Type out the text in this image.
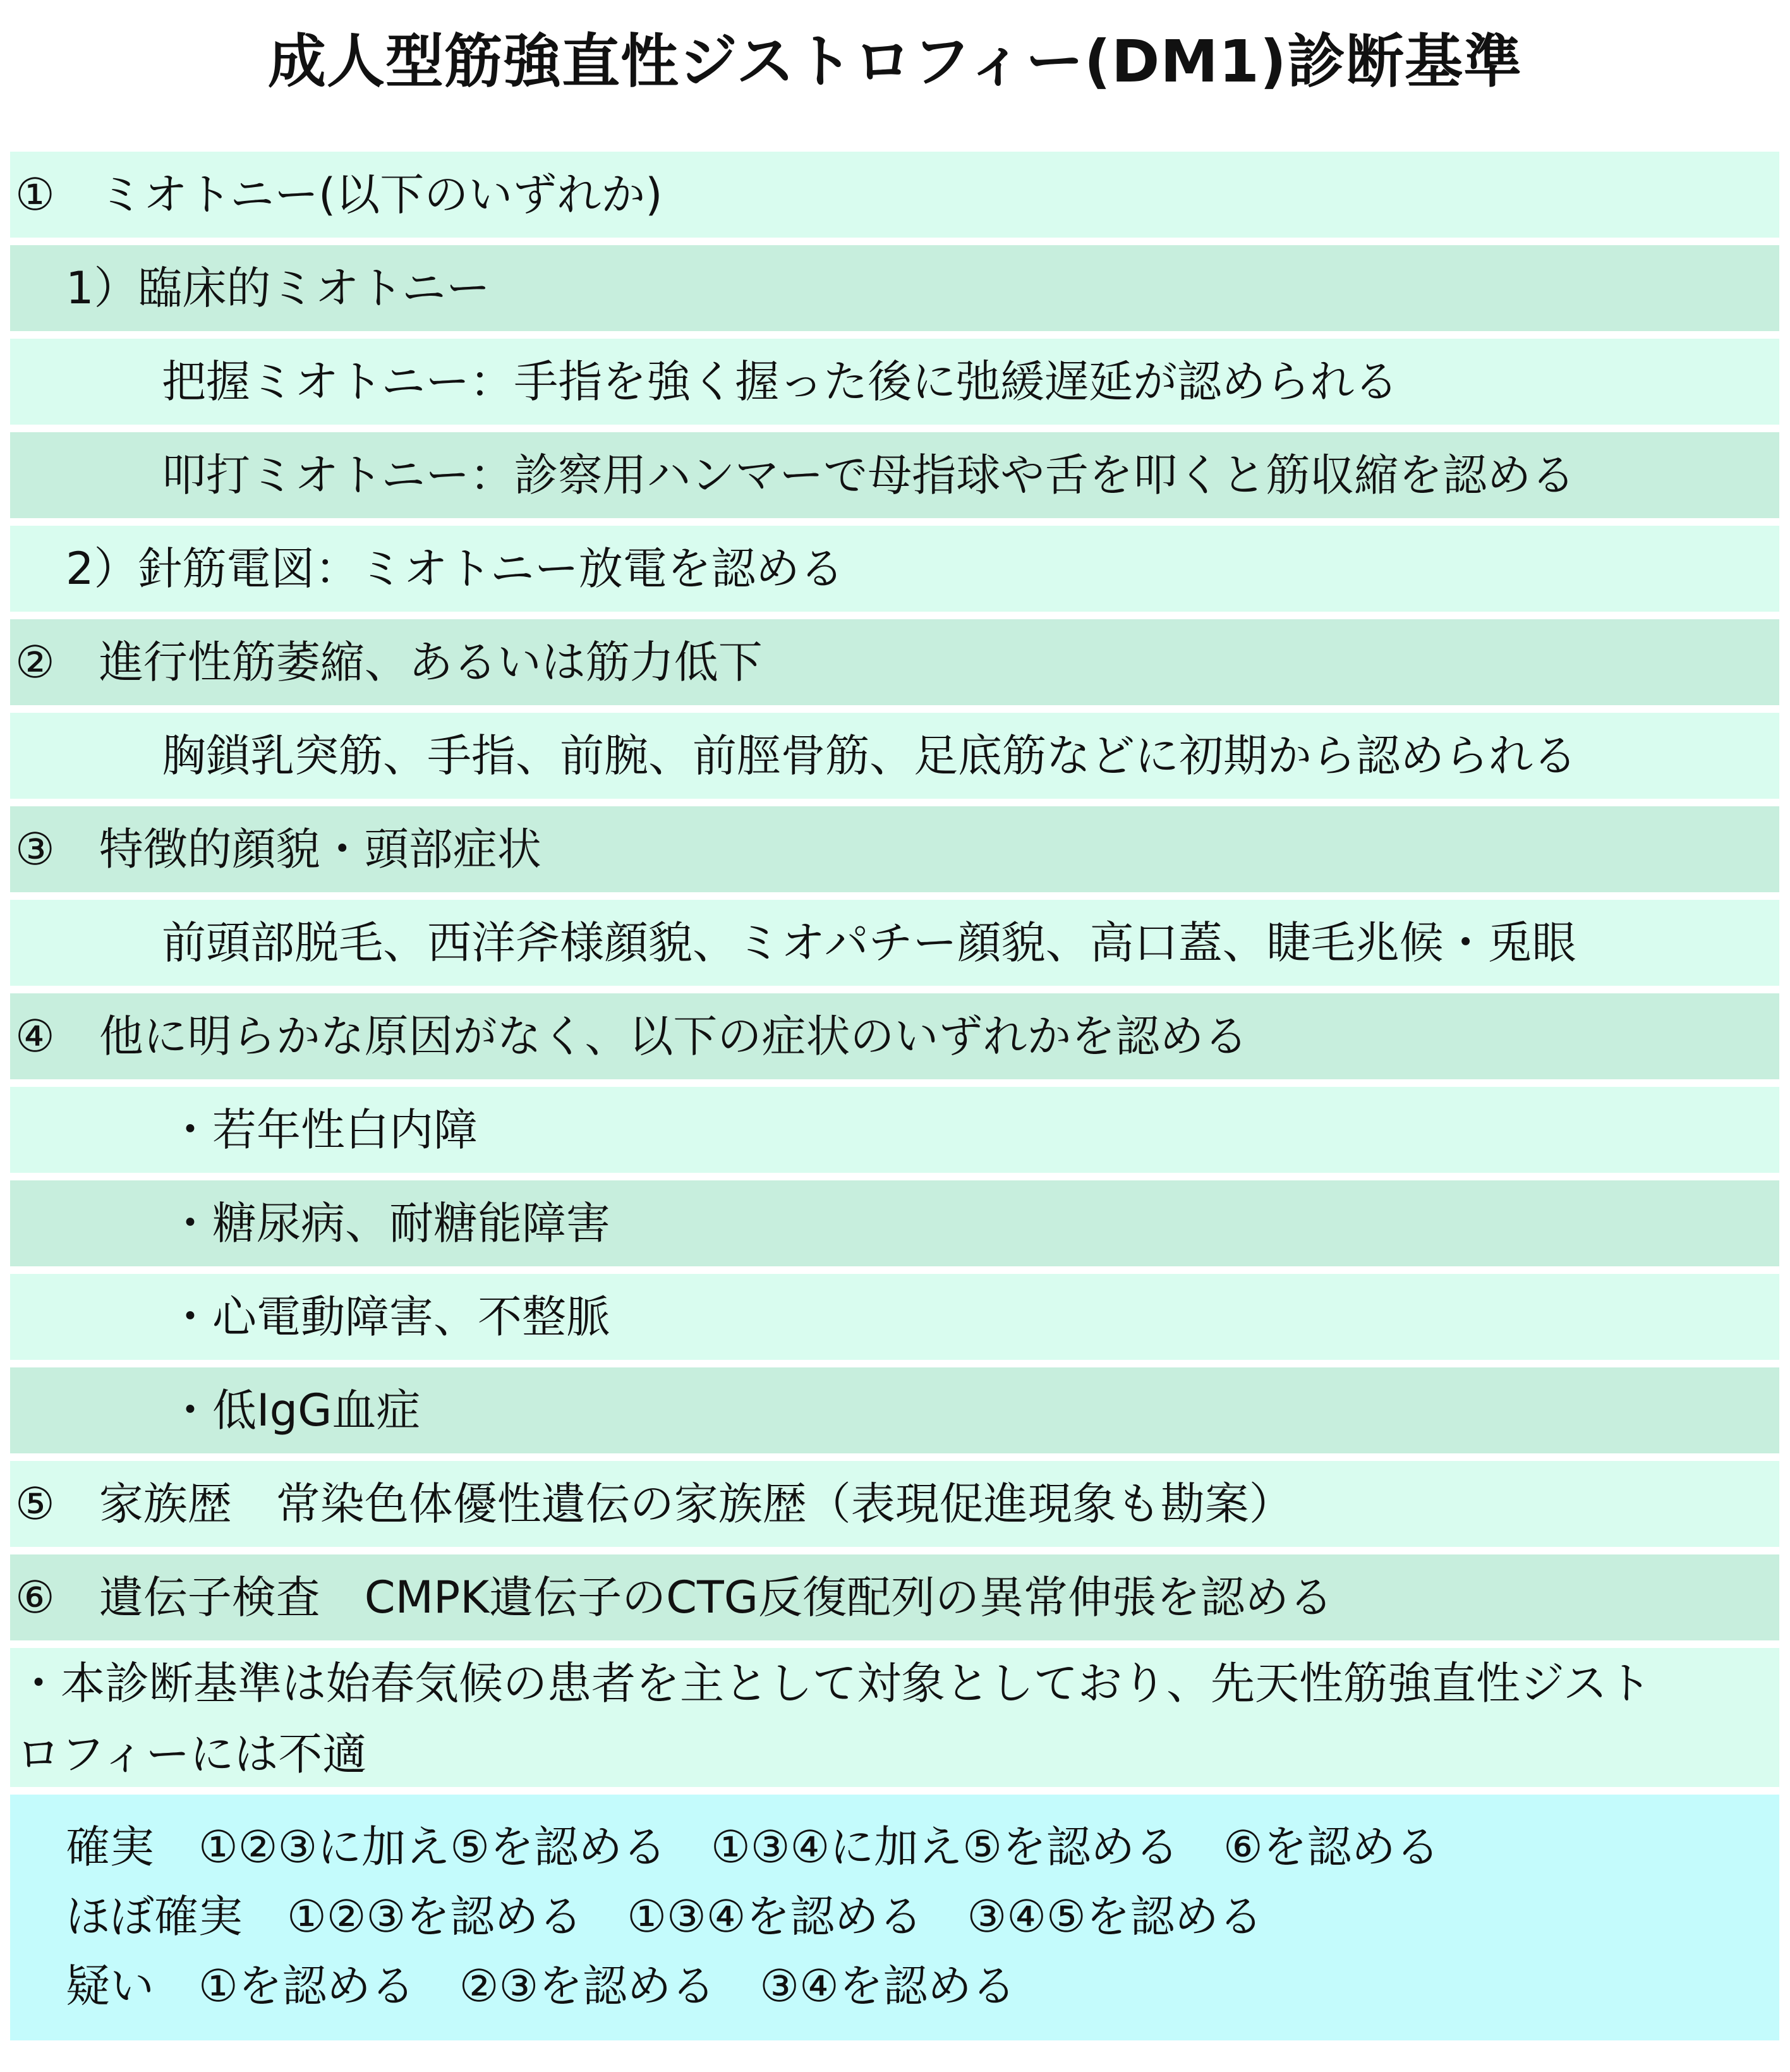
成人型筋強直性ジストロフィー(DM1)診断基準
①　ミオトニー(以下のいずれか)
1）臨床的ミオトニー
把握ミオトニー：手指を強く握った後に弛緩遅延が認められる
叩打ミオトニー：診察用ハンマーで母指球や舌を叩くと筋収縮を認める
2）針筋電図：ミオトニー放電を認める
②　進行性筋萎縮、あるいは筋力低下
胸鎖乳突筋、手指、前腕、前脛骨筋、足底筋などに初期から認められる
③　特徴的顔貌・頭部症状
前頭部脱毛、西洋斧様顔貌、ミオパチー顔貌、高口蓋、睫毛兆候・兎眼
④　他に明らかな原因がなく、以下の症状のいずれかを認める
・若年性白内障
・糖尿病、耐糖能障害
・心電動障害、不整脈
・低IgG血症
⑤　家族歴　常染色体優性遺伝の家族歴（表現促進現象も勘案）
⑥　遺伝子検査　CMPK遺伝子のCTG反復配列の異常伸張を認める
・本診断基準は始春気候の患者を主として対象としており、先天性筋強直性ジスト
ロフィーには不適
確実　①②③に加え⑤を認める　①③④に加え⑤を認める　⑥を認める
ほぼ確実　①②③を認める　①③④を認める　③④⑤を認める
疑い　①を認める　②③を認める　③④を認める
